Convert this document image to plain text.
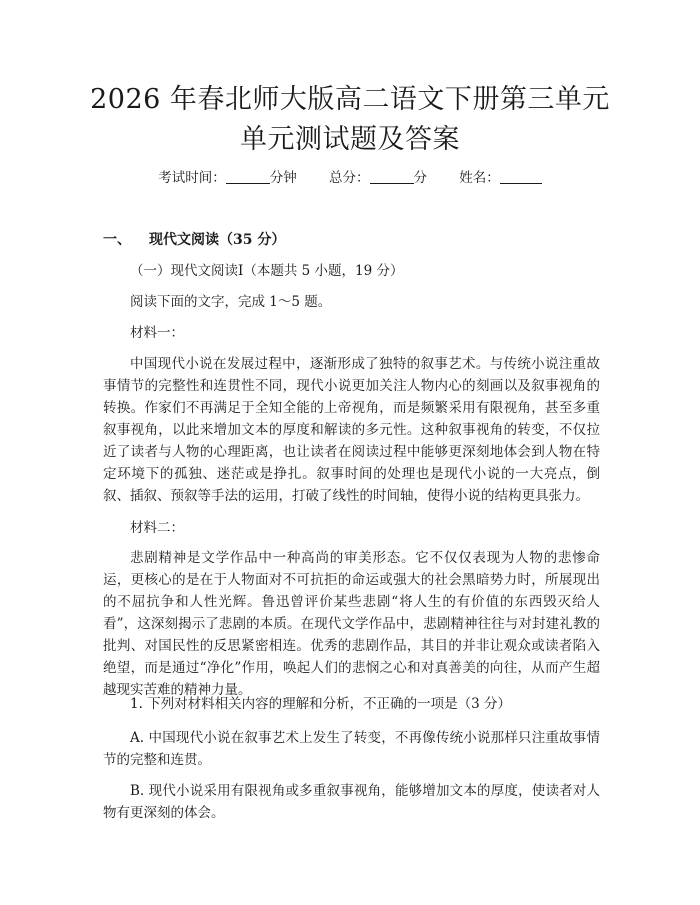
2026 年春北师大版高二语文下册第三单元单元测试题及答案
考试时间：	分钟 总分：	分 姓名：
一、 现代文阅读（35 分）
（一）现代文阅读Ⅰ（本题共 5 小题，19 分）
阅读下面的文字，完成 1～5 题。
材料一：
中国现代小说在发展过程中，逐渐形成了独特的叙事艺术。与传统小说注重故事情节的完整性和连贯性不同，现代小说更加关注人物内心的刻画以及叙事视角的转换。作家们不再满足于全知全能的上帝视角，而是频繁采用有限视角，甚至多重叙事视角，以此来增加文本的厚度和解读的多元性。这种叙事视角的转变，不仅拉近了读者与人物的心理距离，也让读者在阅读过程中能够更深刻地体会到人物在特定环境下的孤独、迷茫或是挣扎。叙事时间的处理也是现代小说的一大亮点，倒叙、插叙、预叙等手法的运用，打破了线性的时间轴，使得小说的结构更具张力。
材料二：
悲剧精神是文学作品中一种高尚的审美形态。它不仅仅表现为人物的悲惨命运，更核心的是在于人物面对不可抗拒的命运或强大的社会黑暗势力时，所展现出的不屈抗争和人性光辉。鲁迅曾评价某些悲剧“将人生的有价值的东西毁灭给人看”，这深刻揭示了悲剧的本质。在现代文学作品中，悲剧精神往往与对封建礼教的批判、对国民性的反思紧密相连。优秀的悲剧作品，其目的并非让观众或读者陷入绝望，而是通过“净化”作用，唤起人们的悲悯之心和对真善美的向往，从而产生超越现实苦难的精神力量。
1. 下列对材料相关内容的理解和分析，不正确的一项是（3 分）
A. 中国现代小说在叙事艺术上发生了转变，不再像传统小说那样只注重故事情节的完整和连贯。
B. 现代小说采用有限视角或多重叙事视角，能够增加文本的厚度，使读者对人物有更深刻的体会。
